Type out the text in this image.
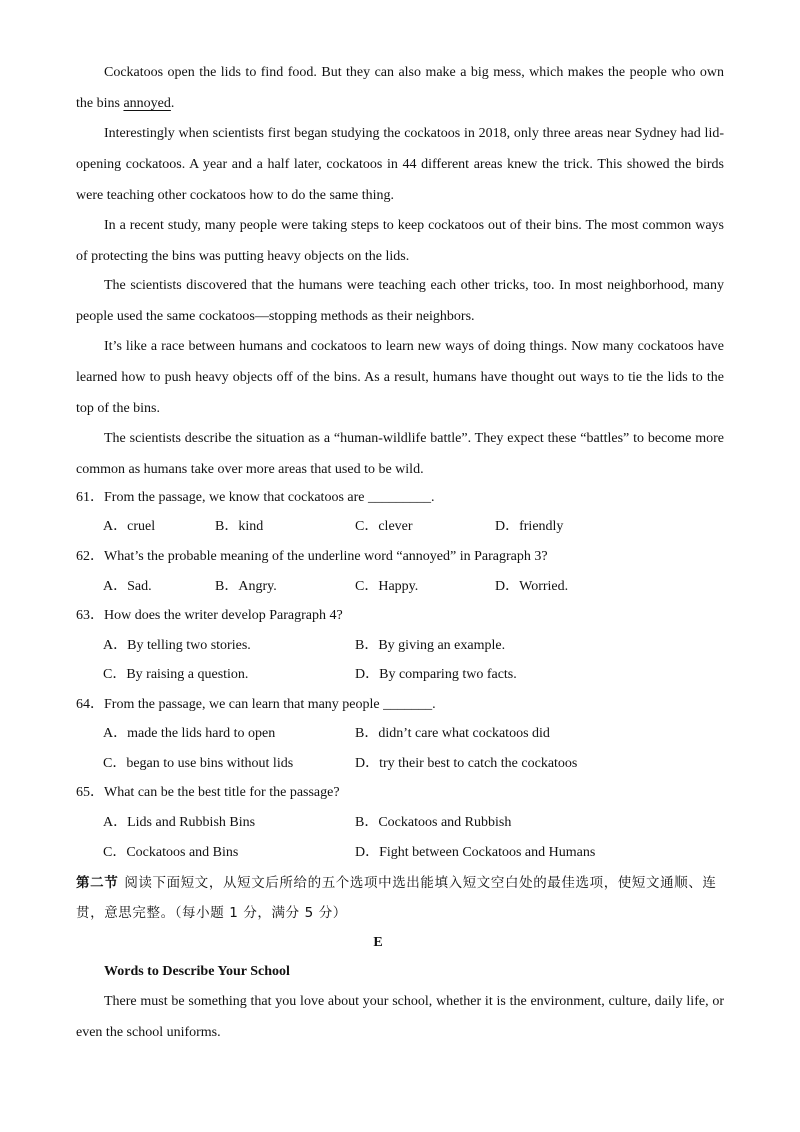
Cockatoos open the lids to find food. But they can also make a big mess, which makes the people who own the bins annoyed.

Interestingly when scientists first began studying the cockatoos in 2018, only three areas near Sydney had lid-opening cockatoos. A year and a half later, cockatoos in 44 different areas knew the trick. This showed the birds were teaching other cockatoos how to do the same thing.

In a recent study, many people were taking steps to keep cockatoos out of their bins. The most common ways of protecting the bins was putting heavy objects on the lids.

The scientists discovered that the humans were teaching each other tricks, too. In most neighborhood, many people used the same cockatoos—stopping methods as their neighbors.

It’s like a race between humans and cockatoos to learn new ways of doing things. Now many cockatoos have learned how to push heavy objects off of the bins. As a result, humans have thought out ways to tie the lids to the top of the bins.

The scientists describe the situation as a “human-wildlife battle”. They expect these “battles” to become more common as humans take over more areas that used to be wild.

61．From the passage, we know that cockatoos are _________.
A．cruel	B．kind	C．clever	D．friendly
62．What’s the probable meaning of the underline word “annoyed” in Paragraph 3?
A．Sad.	B．Angry.	C．Happy.	D．Worried.
63．How does the writer develop Paragraph 4?
A．By telling two stories.	B．By giving an example.
C．By raising a question.	D．By comparing two facts.
64．From the passage, we can learn that many people _______.
A．made the lids hard to open	B．didn’t care what cockatoos did
C．began to use bins without lids	D．try their best to catch the cockatoos
65．What can be the best title for the passage?
A．Lids and Rubbish Bins	B．Cockatoos and Rubbish
C．Cockatoos and Bins	D．Fight between Cockatoos and Humans
第二节 阅读下面短文，从短文后所给的五个选项中选出能填入短文空白处的最佳选项，使短文通顺、连
贯，意思完整。（每小题 1 分，满分 5 分）
E
Words to Describe Your School

There must be something that you love about your school, whether it is the environment, culture, daily life, or even the school uniforms.
